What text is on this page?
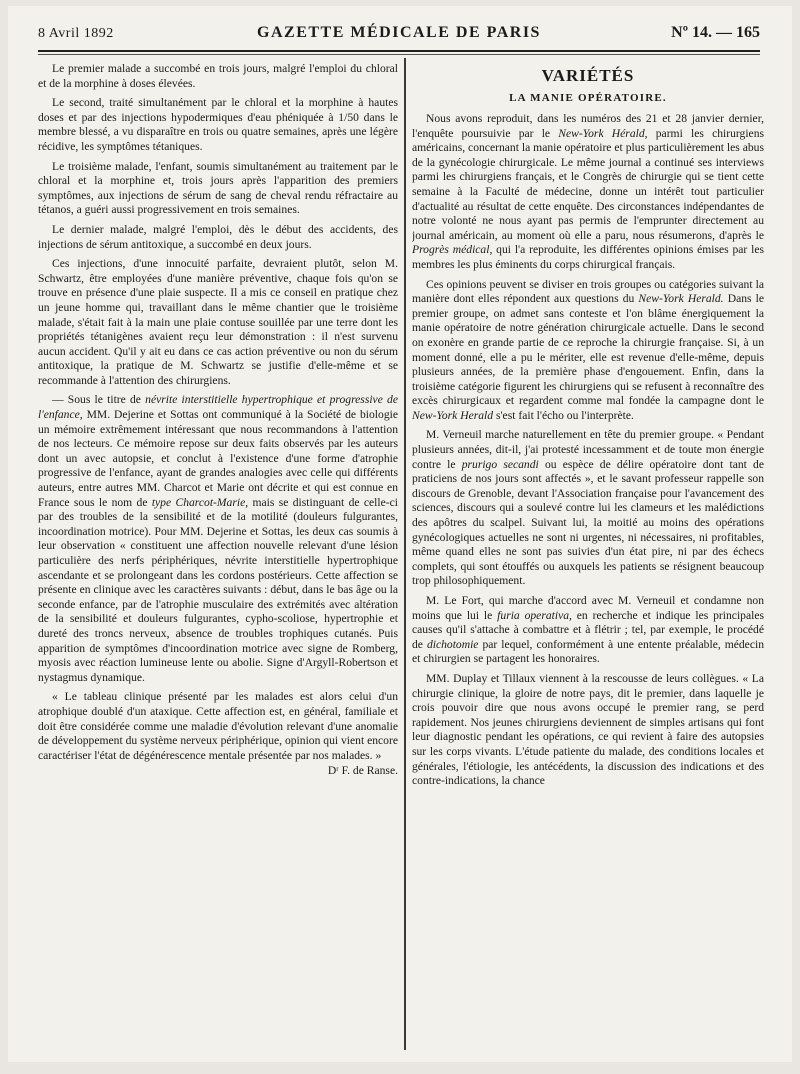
8 Avril 1892	GAZETTE MÉDICALE DE PARIS	Nº 14. — 165

Le premier malade a succombé en trois jours, malgré l'emploi du chloral et de la morphine à doses élevées.

Le second, traité simultanément par le chloral et la morphine à hautes doses et par des injections hypodermiques d'eau phéniquée à 1/50 dans le membre blessé, a vu disparaître en trois ou quatre semaines, après une légère récidive, les symptômes tétaniques.

Le troisième malade, l'enfant, soumis simultanément au traitement par le chloral et la morphine et, trois jours après l'apparition des premiers symptômes, aux injections de sérum de sang de cheval rendu réfractaire au tétanos, a guéri aussi progressivement en trois semaines.

Le dernier malade, malgré l'emploi, dès le début des accidents, des injections de sérum antitoxique, a succombé en deux jours.

Ces injections, d'une innocuité parfaite, devraient plutôt, selon M. Schwartz, être employées d'une manière préventive, chaque fois qu'on se trouve en présence d'une plaie suspecte. Il a mis ce conseil en pratique chez un jeune homme qui, travaillant dans le même chantier que le troisième malade, s'était fait à la main une plaie contuse souillée par une terre dont les propriétés tétanigènes avaient reçu leur démonstration : il n'est survenu aucun accident. Qu'il y ait eu dans ce cas action préventive ou non du sérum antitoxique, la pratique de M. Schwartz se justifie d'elle-même et se recommande à l'attention des chirurgiens.

— Sous le titre de névrite interstitielle hypertrophique et progressive de l'enfance, MM. Dejerine et Sottas ont communiqué à la Société de biologie un mémoire extrêmement intéressant que nous recommandons à l'attention de nos lecteurs. Ce mémoire repose sur deux faits observés par les auteurs dont un avec autopsie, et conclut à l'existence d'une forme d'atrophie progressive de l'enfance, ayant de grandes analogies avec celle qui différents auteurs, entre autres MM. Charcot et Marie ont décrite et qui est connue en France sous le nom de type Charcot-Marie, mais se distinguant de celle-ci par des troubles de la sensibilité et de la motilité (douleurs fulgurantes, incoordination motrice). Pour MM. Dejerine et Sottas, les deux cas soumis à leur observation « constituent une affection nouvelle relevant d'une lésion particulière des nerfs périphériques, névrite interstitielle hypertrophique ascendante et se prolongeant dans les cordons postérieurs. Cette affection se présente en clinique avec les caractères suivants : début, dans le bas âge ou la seconde enfance, par de l'atrophie musculaire des extrémités avec altération de la sensibilité et douleurs fulgurantes, cypho-scoliose, hypertrophie et dureté des troncs nerveux, absence de troubles trophiques cutanés. Puis apparition de symptômes d'incoordination motrice avec signe de Romberg, myosis avec réaction lumineuse lente ou abolie. Signe d'Argyll-Robertson et nystagmus dynamique.

« Le tableau clinique présenté par les malades est alors celui d'un atrophique doublé d'un ataxique. Cette affection est, en général, familiale et doit être considérée comme une maladie d'évolution relevant d'une anomalie de développement du système nerveux périphérique, opinion qui vient encore caractériser l'état de dégénérescence mentale présentée par nos malades. »

Dʳ F. de Ranse.

VARIÉTÉS
LA MANIE OPÉRATOIRE.

Nous avons reproduit, dans les numéros des 21 et 28 janvier dernier, l'enquête poursuivie par le New-York Hérald, parmi les chirurgiens américains, concernant la manie opératoire et plus particulièrement les abus de la gynécologie chirurgicale. Le même journal a continué ses interviews parmi les chirurgiens français, et le Congrès de chirurgie qui se tient cette semaine à la Faculté de médecine, donne un intérêt tout particulier d'actualité au résultat de cette enquête. Des circonstances indépendantes de notre volonté ne nous ayant pas permis de l'emprunter directement au journal américain, au moment où elle a paru, nous résumerons, d'après le Progrès médical, qui l'a reproduite, les différentes opinions émises par les membres les plus éminents du corps chirurgical français.

Ces opinions peuvent se diviser en trois groupes ou catégories suivant la manière dont elles répondent aux questions du New-York Herald. Dans le premier groupe, on admet sans conteste et l'on blâme énergiquement la manie opératoire de notre génération chirurgicale actuelle. Dans le second on exonère en grande partie de ce reproche la chirurgie française. Si, à un moment donné, elle a pu le mériter, elle est revenue d'elle-même, depuis plusieurs années, de la première phase d'engouement. Enfin, dans la troisième catégorie figurent les chirurgiens qui se refusent à reconnaître des excès chirurgicaux et regardent comme mal fondée la campagne dont le New-York Herald s'est fait l'écho ou l'interprète.

M. Verneuil marche naturellement en tête du premier groupe. « Pendant plusieurs années, dit-il, j'ai protesté incessamment et de toute mon énergie contre le prurigo secandi ou espèce de délire opératoire dont tant de praticiens de nos jours sont affectés », et le savant professeur rappelle son discours de Grenoble, devant l'Association française pour l'avancement des sciences, discours qui a soulevé contre lui les clameurs et les malédictions des apôtres du scalpel. Suivant lui, la moitié au moins des opérations gynécologiques actuelles ne sont ni urgentes, ni nécessaires, ni profitables, même quand elles ne sont pas suivies d'un état pire, ni par des échecs complets, qui sont étouffés ou auxquels les patients se résignent beaucoup trop philosophiquement.

M. Le Fort, qui marche d'accord avec M. Verneuil et condamne non moins que lui le furia operativa, en recherche et indique les principales causes qu'il s'attache à combattre et à flétrir ; tel, par exemple, le procédé de dichotomie par lequel, conformément à une entente préalable, médecin et chirurgien se partagent les honoraires.

MM. Duplay et Tillaux viennent à la rescousse de leurs collègues. « La chirurgie clinique, la gloire de notre pays, dit le premier, dans laquelle je crois pouvoir dire que nous avons occupé le premier rang, se perd rapidement. Nos jeunes chirurgiens deviennent de simples artisans qui font leur diagnostic pendant les opérations, ce qui revient à faire des autopsies sur les corps vivants. L'étude patiente du malade, des conditions locales et générales, l'étiologie, les antécédents, la discussion des indications et des contre-indications, la chance
